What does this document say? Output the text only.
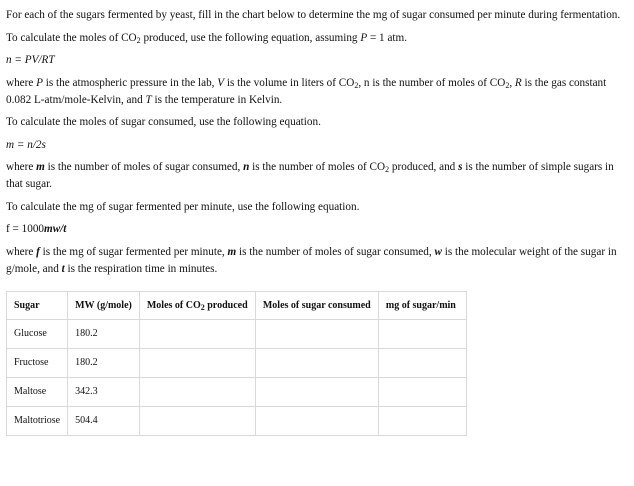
For each of the sugars fermented by yeast, fill in the chart below to determine the mg of sugar consumed per minute during fermentation.

To calculate the moles of $CO_2$ produced, use the following equation, assuming P = 1 atm.

n = PV/RT

where P is the atmospheric pressure in the lab, V is the volume in liters of $CO_2$, n is the number of moles of $CO_2$, R is the gas constant 0.082 L-atm/mole-Kelvin, and T is the temperature in Kelvin.

To calculate the moles of sugar consumed, use the following equation.

m = n/2s

where m is the number of moles of sugar consumed, n is the number of moles of $CO_2$ produced, and s is the number of simple sugars in that sugar.

To calculate the mg of sugar fermented per minute, use the following equation.

f = 1000mw/t

where f is the mg of sugar fermented per minute, m is the number of moles of sugar consumed, w is the molecular weight of the sugar in g/mole, and t is the respiration time in minutes.

Sugar	MW (g/mole)	Moles of $CO_2$ produced	Moles of sugar consumed	mg of sugar/min
Glucose	180.2			
Fructose	180.2			
Maltose	342.3			
Maltotriose	504.4			
